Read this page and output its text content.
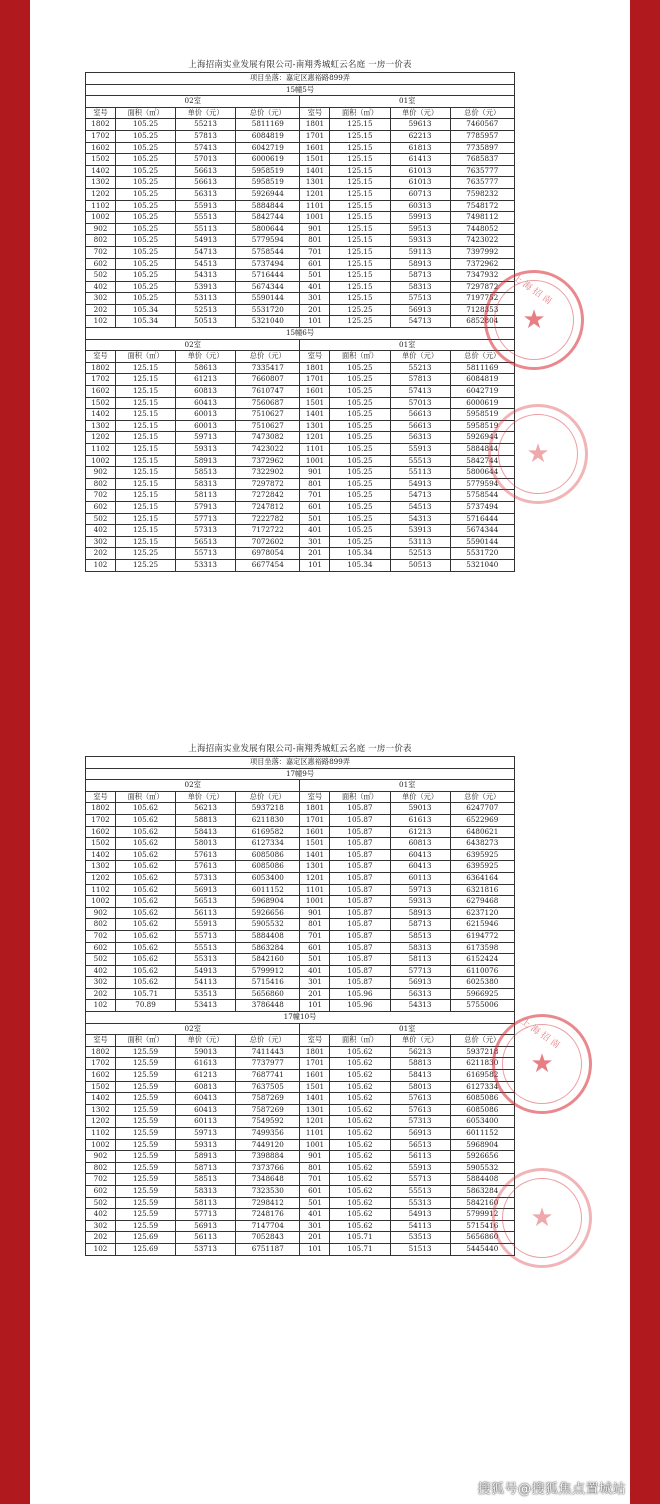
上海招南实业发展有限公司-南翔秀城虹云名庭 一房一价表
项目坐落：嘉定区惠裕路899弄							
15幢5号							
02室				01室			
室号	面积（㎡）	单价（元）	总价（元）	室号	面积（㎡）	单价（元）	总价（元）
1802	105.25	55213	5811169	1801	125.15	59613	7460567
1702	105.25	57813	6084819	1701	125.15	62213	7785957
1602	105.25	57413	6042719	1601	125.15	61813	7735897
1502	105.25	57013	6000619	1501	125.15	61413	7685837
1402	105.25	56613	5958519	1401	125.15	61013	7635777
1302	105.25	56613	5958519	1301	125.15	61013	7635777
1202	105.25	56313	5926944	1201	125.15	60713	7598232
1102	105.25	55913	5884844	1101	125.15	60313	7548172
1002	105.25	55513	5842744	1001	125.15	59913	7498112
902	105.25	55113	5800644	901	125.15	59513	7448052
802	105.25	54913	5779594	801	125.15	59313	7423022
702	105.25	54713	5758544	701	125.15	59113	7397992
602	105.25	54513	5737494	601	125.15	58913	7372962
502	105.25	54313	5716444	501	125.15	58713	7347932
402	105.25	53913	5674344	401	125.15	58313	7297872
302	105.25	53113	5590144	301	125.15	57513	7197752
202	105.34	52513	5531720	201	125.25	56913	7128353
102	105.34	50513	5321040	101	125.25	54713	6852804
15幢6号							
02室				01室			
室号	面积（㎡）	单价（元）	总价（元）	室号	面积（㎡）	单价（元）	总价（元）
1802	125.15	58613	7335417	1801	105.25	55213	5811169
1702	125.15	61213	7660807	1701	105.25	57813	6084819
1602	125.15	60813	7610747	1601	105.25	57413	6042719
1502	125.15	60413	7560687	1501	105.25	57013	6000619
1402	125.15	60013	7510627	1401	105.25	56613	5958519
1302	125.15	60013	7510627	1301	105.25	56613	5958519
1202	125.15	59713	7473082	1201	105.25	56313	5926944
1102	125.15	59313	7423022	1101	105.25	55913	5884844
1002	125.15	58913	7372962	1001	105.25	55513	5842744
902	125.15	58513	7322902	901	105.25	55113	5800644
802	125.15	58313	7297872	801	105.25	54913	5779594
702	125.15	58113	7272842	701	105.25	54713	5758544
602	125.15	57913	7247812	601	105.25	54513	5737494
502	125.15	57713	7222782	501	105.25	54313	5716444
402	125.15	57313	7172722	401	105.25	53913	5674344
302	125.15	56513	7072602	301	105.25	53113	5590144
202	125.25	55713	6978054	201	105.34	52513	5531720
102	125.25	53313	6677454	101	105.34	50513	5321040
上海招南实业发展有限公司-南翔秀城虹云名庭 一房一价表
项目坐落：嘉定区惠裕路899弄							
17幢9号							
02室				01室			
室号	面积（㎡）	单价（元）	总价（元）	室号	面积（㎡）	单价（元）	总价（元）
1802	105.62	56213	5937218	1801	105.87	59013	6247707
1702	105.62	58813	6211830	1701	105.87	61613	6522969
1602	105.62	58413	6169582	1601	105.87	61213	6480621
1502	105.62	58013	6127334	1501	105.87	60813	6438273
1402	105.62	57613	6085086	1401	105.87	60413	6395925
1302	105.62	57613	6085086	1301	105.87	60413	6395925
1202	105.62	57313	6053400	1201	105.87	60113	6364164
1102	105.62	56913	6011152	1101	105.87	59713	6321816
1002	105.62	56513	5968904	1001	105.87	59313	6279468
902	105.62	56113	5926656	901	105.87	58913	6237120
802	105.62	55913	5905532	801	105.87	58713	6215946
702	105.62	55713	5884408	701	105.87	58513	6194772
602	105.62	55513	5863284	601	105.87	58313	6173598
502	105.62	55313	5842160	501	105.87	58113	6152424
402	105.62	54913	5799912	401	105.87	57713	6110076
302	105.62	54113	5715416	301	105.87	56913	6025380
202	105.71	53513	5656860	201	105.96	56313	5966925
102	70.89	53413	3786448	101	105.96	54313	5755006
17幢10号							
02室				01室			
室号	面积（㎡）	单价（元）	总价（元）	室号	面积（㎡）	单价（元）	总价（元）
1802	125.59	59013	7411443	1801	105.62	56213	5937218
1702	125.59	61613	7737977	1701	105.62	58813	6211830
1602	125.59	61213	7687741	1601	105.62	58413	6169582
1502	125.59	60813	7637505	1501	105.62	58013	6127334
1402	125.59	60413	7587269	1401	105.62	57613	6085086
1302	125.59	60413	7587269	1301	105.62	57613	6085086
1202	125.59	60113	7549592	1201	105.62	57313	6053400
1102	125.59	59713	7499356	1101	105.62	56913	6011152
1002	125.59	59313	7449120	1001	105.62	56513	5968904
902	125.59	58913	7398884	901	105.62	56113	5926656
802	125.59	58713	7373766	801	105.62	55913	5905532
702	125.59	58513	7348648	701	105.62	55713	5884408
602	125.59	58313	7323530	601	105.62	55513	5863284
502	125.59	58113	7298412	501	105.62	55313	5842160
402	125.59	57713	7248176	401	105.62	54913	5799912
302	125.59	56913	7147704	301	105.62	54113	5715416
202	125.69	56113	7052843	201	105.71	53513	5656860
102	125.69	53713	6751187	101	105.71	51513	5445440
上海招南
★
★
上海招南
★
★
搜狐号@搜狐焦点置城站
